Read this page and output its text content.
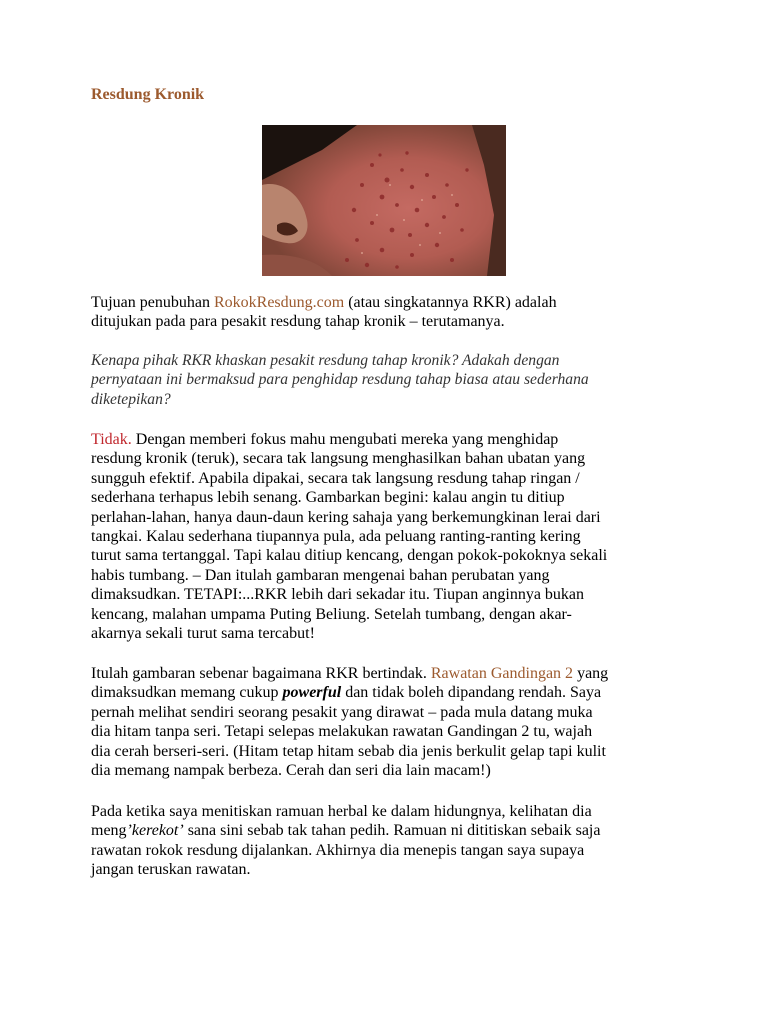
Resdung Kronik

Tujuan penubuhan RokokResdung.com (atau singkatannya RKR) adalah
ditujukan pada para pesakit resdung tahap kronik – terutamanya.

Kenapa pihak RKR khaskan pesakit resdung tahap kronik? Adakah dengan
pernyataan ini bermaksud para penghidap resdung tahap biasa atau sederhana
diketepikan?

Tidak. Dengan memberi fokus mahu mengubati mereka yang menghidap
resdung kronik (teruk), secara tak langsung menghasilkan bahan ubatan yang
sungguh efektif. Apabila dipakai, secara tak langsung resdung tahap ringan /
sederhana terhapus lebih senang. Gambarkan begini: kalau angin tu ditiup
perlahan-lahan, hanya daun-daun kering sahaja yang berkemungkinan lerai dari
tangkai. Kalau sederhana tiupannya pula, ada peluang ranting-ranting kering
turut sama tertanggal. Tapi kalau ditiup kencang, dengan pokok-pokoknya sekali
habis tumbang. – Dan itulah gambaran mengenai bahan perubatan yang
dimaksudkan. TETAPI:...RKR lebih dari sekadar itu. Tiupan anginnya bukan
kencang, malahan umpama Puting Beliung. Setelah tumbang, dengan akar-
akarnya sekali turut sama tercabut!

Itulah gambaran sebenar bagaimana RKR bertindak. Rawatan Gandingan 2 yang
dimaksudkan memang cukup powerful dan tidak boleh dipandang rendah. Saya
pernah melihat sendiri seorang pesakit yang dirawat – pada mula datang muka
dia hitam tanpa seri. Tetapi selepas melakukan rawatan Gandingan 2 tu, wajah
dia cerah berseri-seri. (Hitam tetap hitam sebab dia jenis berkulit gelap tapi kulit
dia memang nampak berbeza. Cerah dan seri dia lain macam!)

Pada ketika saya menitiskan ramuan herbal ke dalam hidungnya, kelihatan dia
meng’kerekot’ sana sini sebab tak tahan pedih. Ramuan ni dititiskan sebaik saja
rawatan rokok resdung dijalankan. Akhirnya dia menepis tangan saya supaya
jangan teruskan rawatan.
